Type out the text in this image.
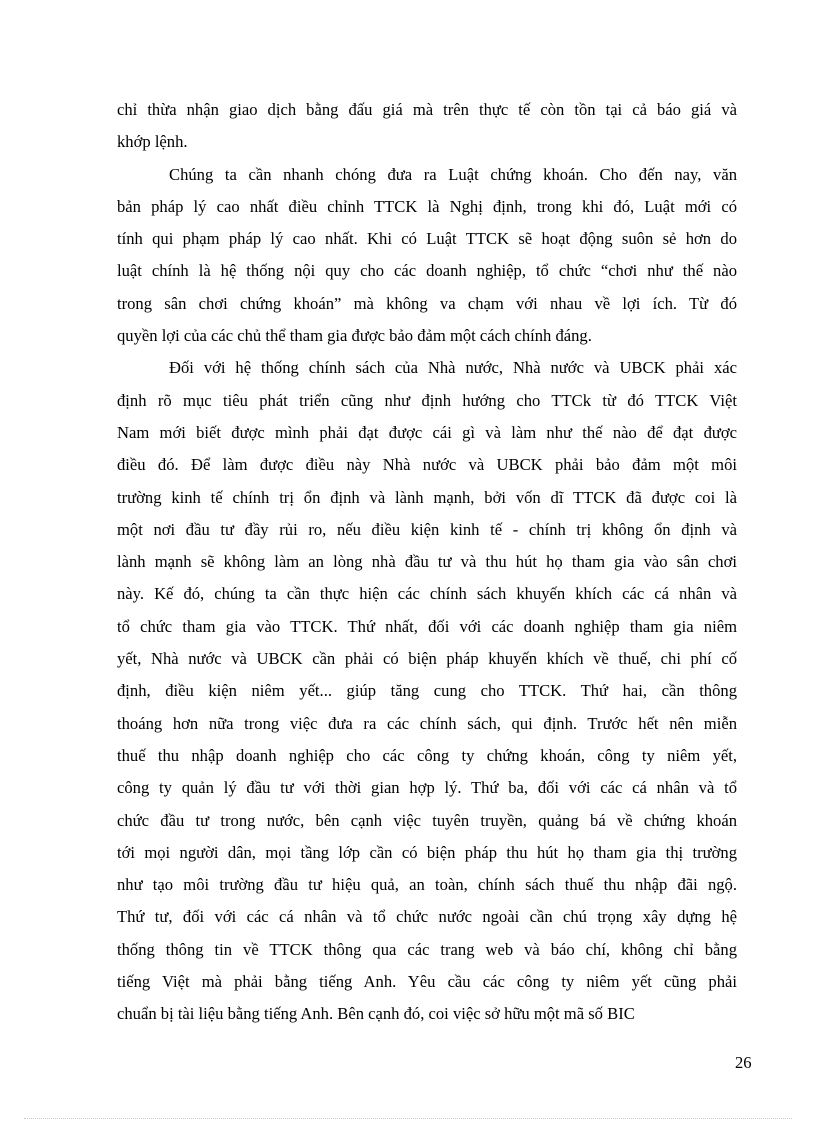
chỉ thừa nhận giao dịch bằng đấu giá mà trên thực tế còn tồn tại cả báo giá và
khớp lệnh.

Chúng ta cần nhanh chóng đưa ra Luật chứng khoán. Cho đến nay, văn
bản pháp lý cao nhất điều chỉnh TTCK là Nghị định, trong khi đó, Luật mới có
tính qui phạm pháp lý cao nhất. Khi có Luật TTCK sẽ hoạt động suôn sẻ hơn do
luật chính là hệ thống nội quy cho các doanh nghiệp, tổ chức “chơi như thế nào
trong sân chơi chứng khoán” mà không va chạm với nhau về lợi ích. Từ đó
quyền lợi của các chủ thể tham gia được bảo đảm một cách chính đáng.

Đối với hệ thống chính sách của Nhà nước, Nhà nước và UBCK phải xác
định rõ mục tiêu phát triển cũng như định hướng cho TTCk từ đó TTCK Việt
Nam mới biết được mình phải đạt được cái gì và làm như thế nào để đạt được
điều đó. Để làm được điều này Nhà nước và UBCK phải bảo đảm một môi
trường kinh tế chính trị ổn định và lành mạnh, bởi vốn dĩ TTCK đã được coi là
một nơi đầu tư đầy rủi ro, nếu điều kiện kinh tế - chính trị không ổn định và
lành mạnh sẽ không làm an lòng nhà đầu tư và thu hút họ tham gia vào sân chơi
này. Kế đó, chúng ta cần thực hiện các chính sách khuyến khích các cá nhân và
tổ chức tham gia vào TTCK. Thứ nhất, đối với các doanh nghiệp tham gia niêm
yết, Nhà nước và UBCK cần phải có biện pháp khuyến khích về thuế, chi phí cố
định, điều kiện niêm yết... giúp tăng cung cho TTCK. Thứ hai, cần thông
thoáng hơn nữa trong việc đưa ra các chính sách, qui định. Trước hết nên miễn
thuế thu nhập doanh nghiệp cho các công ty chứng khoán, công ty niêm yết,
công ty quản lý đầu tư với thời gian hợp lý. Thứ ba, đối với các cá nhân và tổ
chức đầu tư trong nước, bên cạnh việc tuyên truyền, quảng bá về chứng khoán
tới mọi người dân, mọi tầng lớp cần có biện pháp thu hút họ tham gia thị trường
như tạo môi trường đầu tư hiệu quả, an toàn, chính sách thuế thu nhập đãi ngộ.
Thứ tư, đối với các cá nhân và tổ chức nước ngoài cần chú trọng xây dựng hệ
thống thông tin về TTCK thông qua các trang web và báo chí, không chỉ bằng
tiếng Việt mà phải bằng tiếng Anh. Yêu cầu các công ty niêm yết cũng phải
chuẩn bị tài liệu bằng tiếng Anh. Bên cạnh đó, coi việc sở hữu một mã số BIC

26
